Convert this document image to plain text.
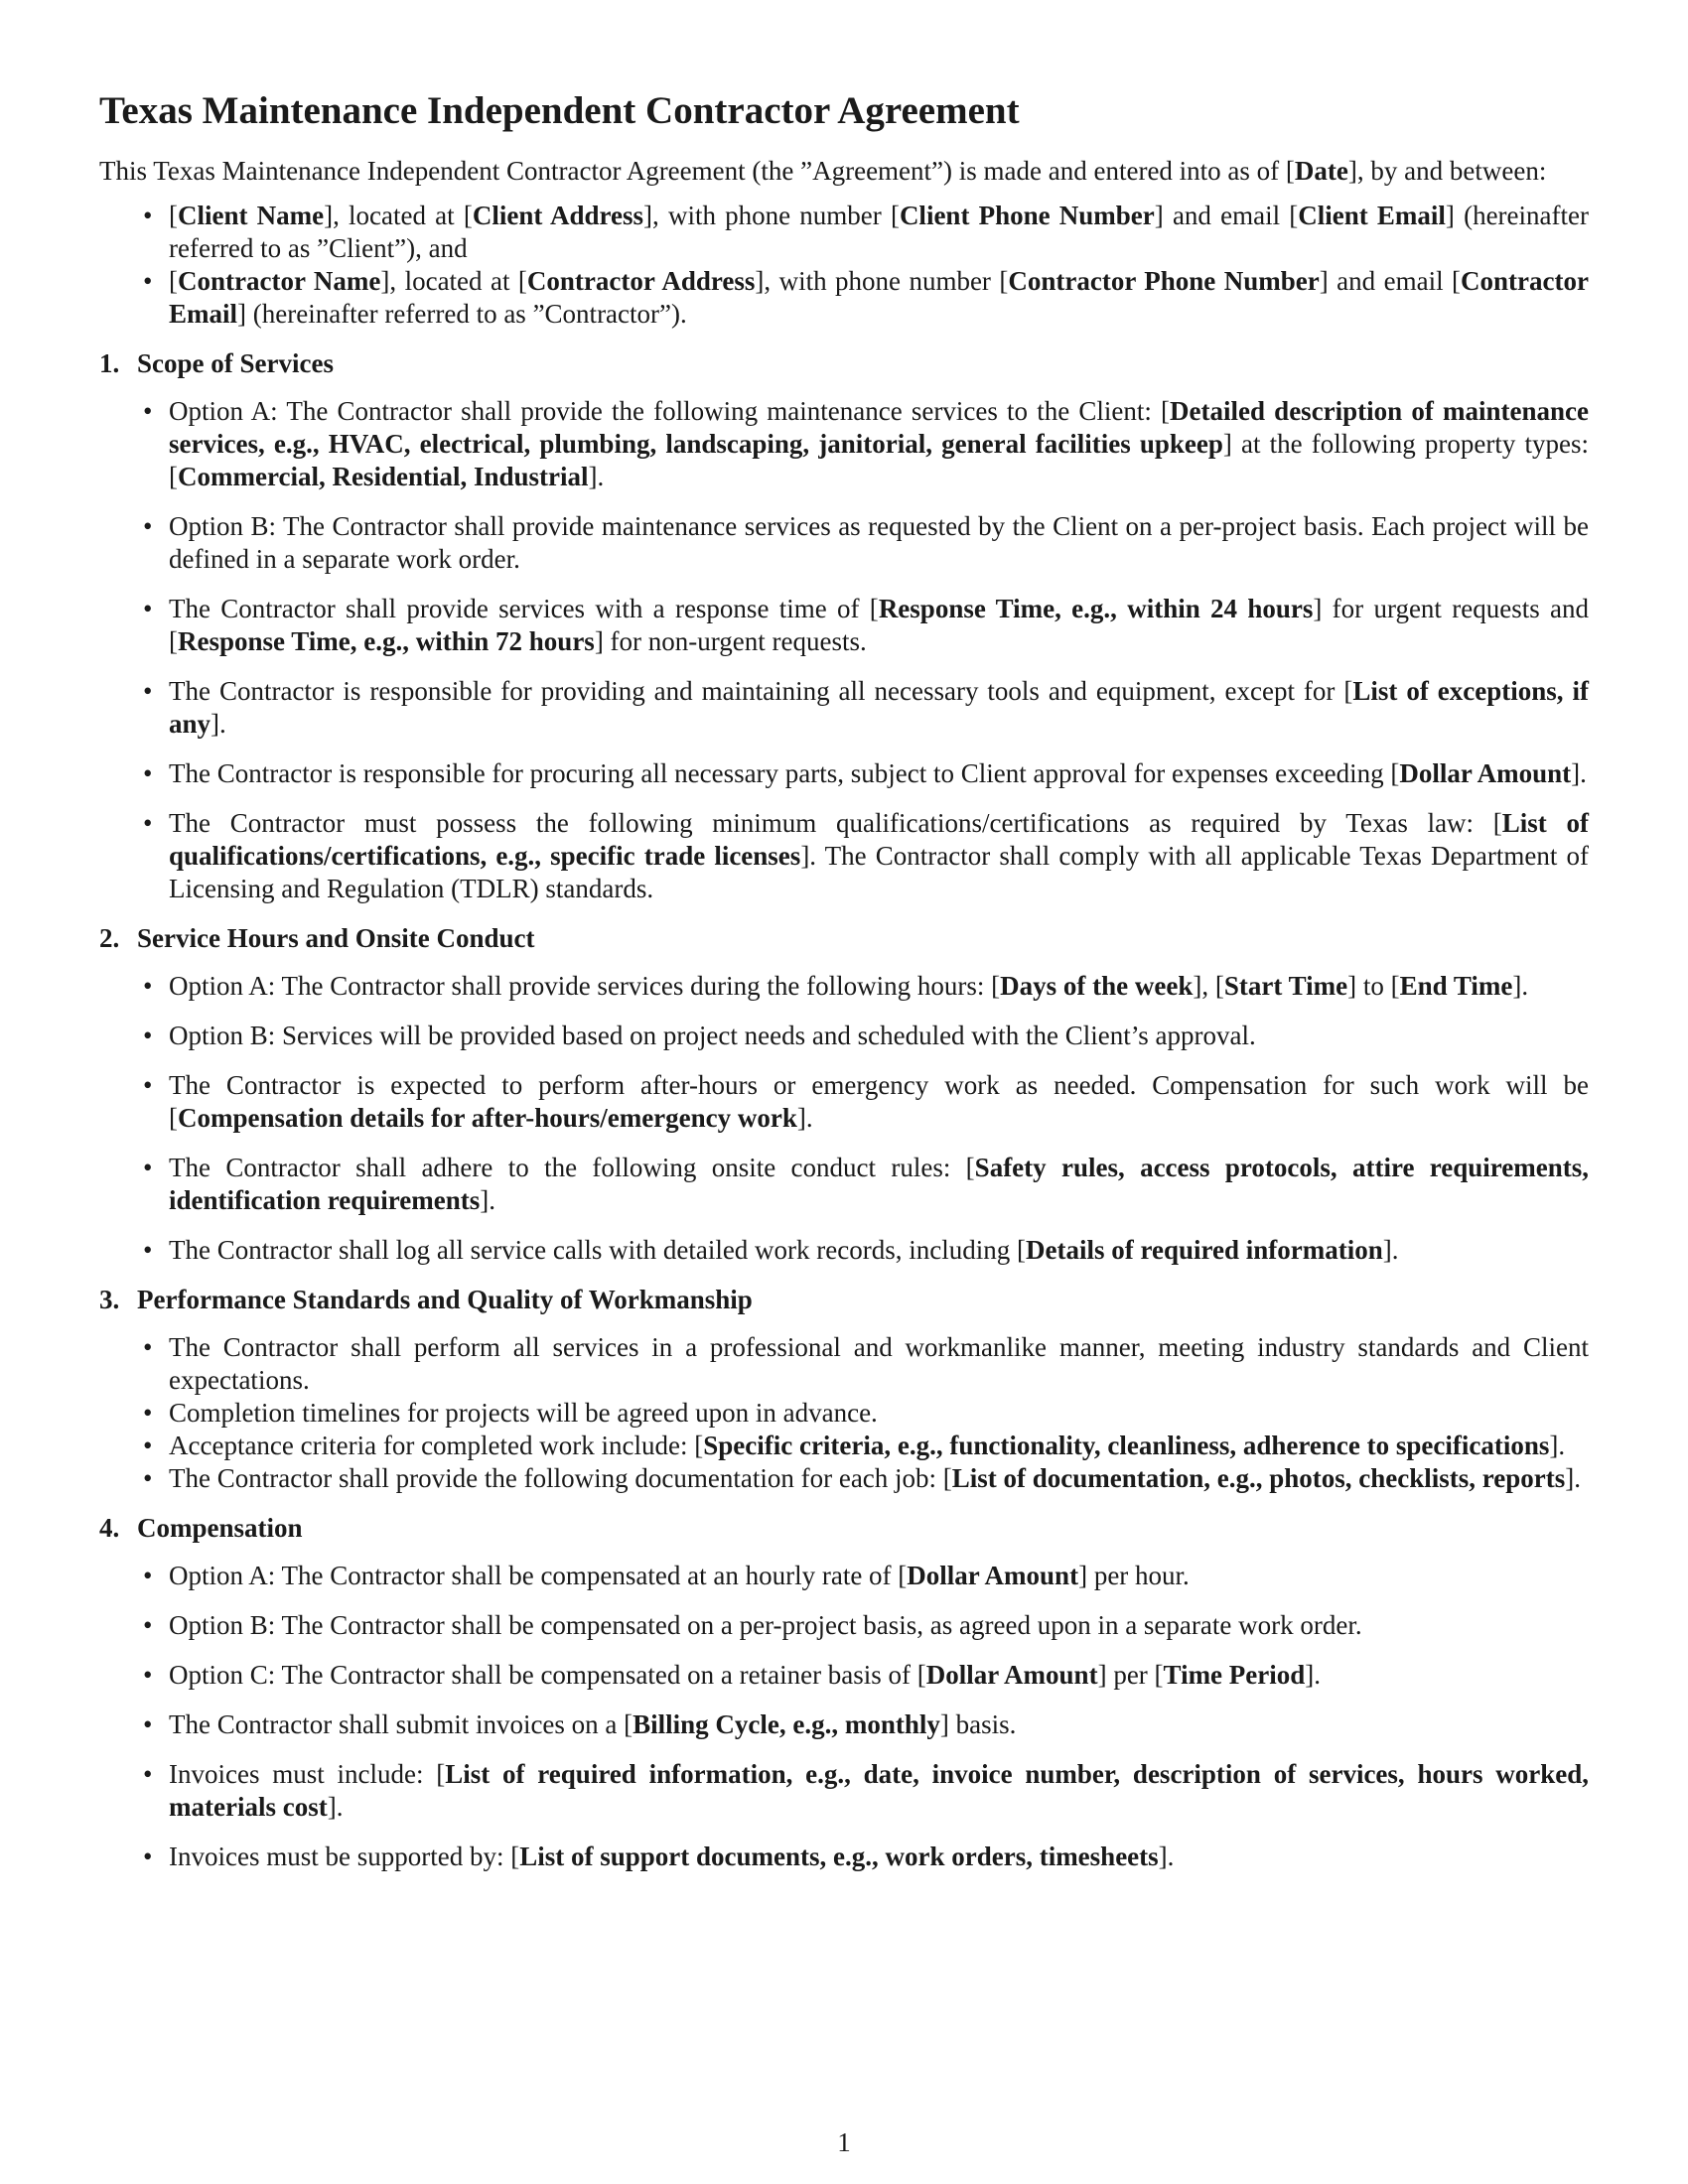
Texas Maintenance Independent Contractor Agreement

This Texas Maintenance Independent Contractor Agreement (the ”Agreement”) is made and entered into as of [Date], by and between:

• [Client Name], located at [Client Address], with phone number [Client Phone Number] and email [Client Email] (hereinafter referred to as ”Client”), and
• [Contractor Name], located at [Contractor Address], with phone number [Contractor Phone Number] and email [Contractor Email] (hereinafter referred to as ”Contractor”).
1. Scope of Services
• Option A: The Contractor shall provide the following maintenance services to the Client: [Detailed description of maintenance services, e.g., HVAC, electrical, plumbing, landscaping, janitorial, general facilities upkeep] at the following property types: [Commercial, Residential, Industrial].
• Option B: The Contractor shall provide maintenance services as requested by the Client on a per-project basis. Each project will be defined in a separate work order.
• The Contractor shall provide services with a response time of [Response Time, e.g., within 24 hours] for urgent requests and [Response Time, e.g., within 72 hours] for non-urgent requests.
• The Contractor is responsible for providing and maintaining all necessary tools and equipment, except for [List of exceptions, if any].
• The Contractor is responsible for procuring all necessary parts, subject to Client approval for expenses exceeding [Dollar Amount].
• The Contractor must possess the following minimum qualifications/certifications as required by Texas law: [List of qualifications/certifications, e.g., specific trade licenses]. The Contractor shall comply with all applicable Texas Department of Licensing and Regulation (TDLR) standards.
2. Service Hours and Onsite Conduct
• Option A: The Contractor shall provide services during the following hours: [Days of the week], [Start Time] to [End Time].
• Option B: Services will be provided based on project needs and scheduled with the Client’s approval.
• The Contractor is expected to perform after-hours or emergency work as needed. Compensation for such work will be [Compensation details for after-hours/emergency work].
• The Contractor shall adhere to the following onsite conduct rules: [Safety rules, access protocols, attire requirements, identification requirements].
• The Contractor shall log all service calls with detailed work records, including [Details of required information].
3. Performance Standards and Quality of Workmanship
• The Contractor shall perform all services in a professional and workmanlike manner, meeting industry standards and Client expectations.
• Completion timelines for projects will be agreed upon in advance.
• Acceptance criteria for completed work include: [Specific criteria, e.g., functionality, cleanliness, adherence to specifications].
• The Contractor shall provide the following documentation for each job: [List of documentation, e.g., photos, checklists, reports].
4. Compensation
• Option A: The Contractor shall be compensated at an hourly rate of [Dollar Amount] per hour.
• Option B: The Contractor shall be compensated on a per-project basis, as agreed upon in a separate work order.
• Option C: The Contractor shall be compensated on a retainer basis of [Dollar Amount] per [Time Period].
• The Contractor shall submit invoices on a [Billing Cycle, e.g., monthly] basis.
• Invoices must include: [List of required information, e.g., date, invoice number, description of services, hours worked, materials cost].
• Invoices must be supported by: [List of support documents, e.g., work orders, timesheets].
1
